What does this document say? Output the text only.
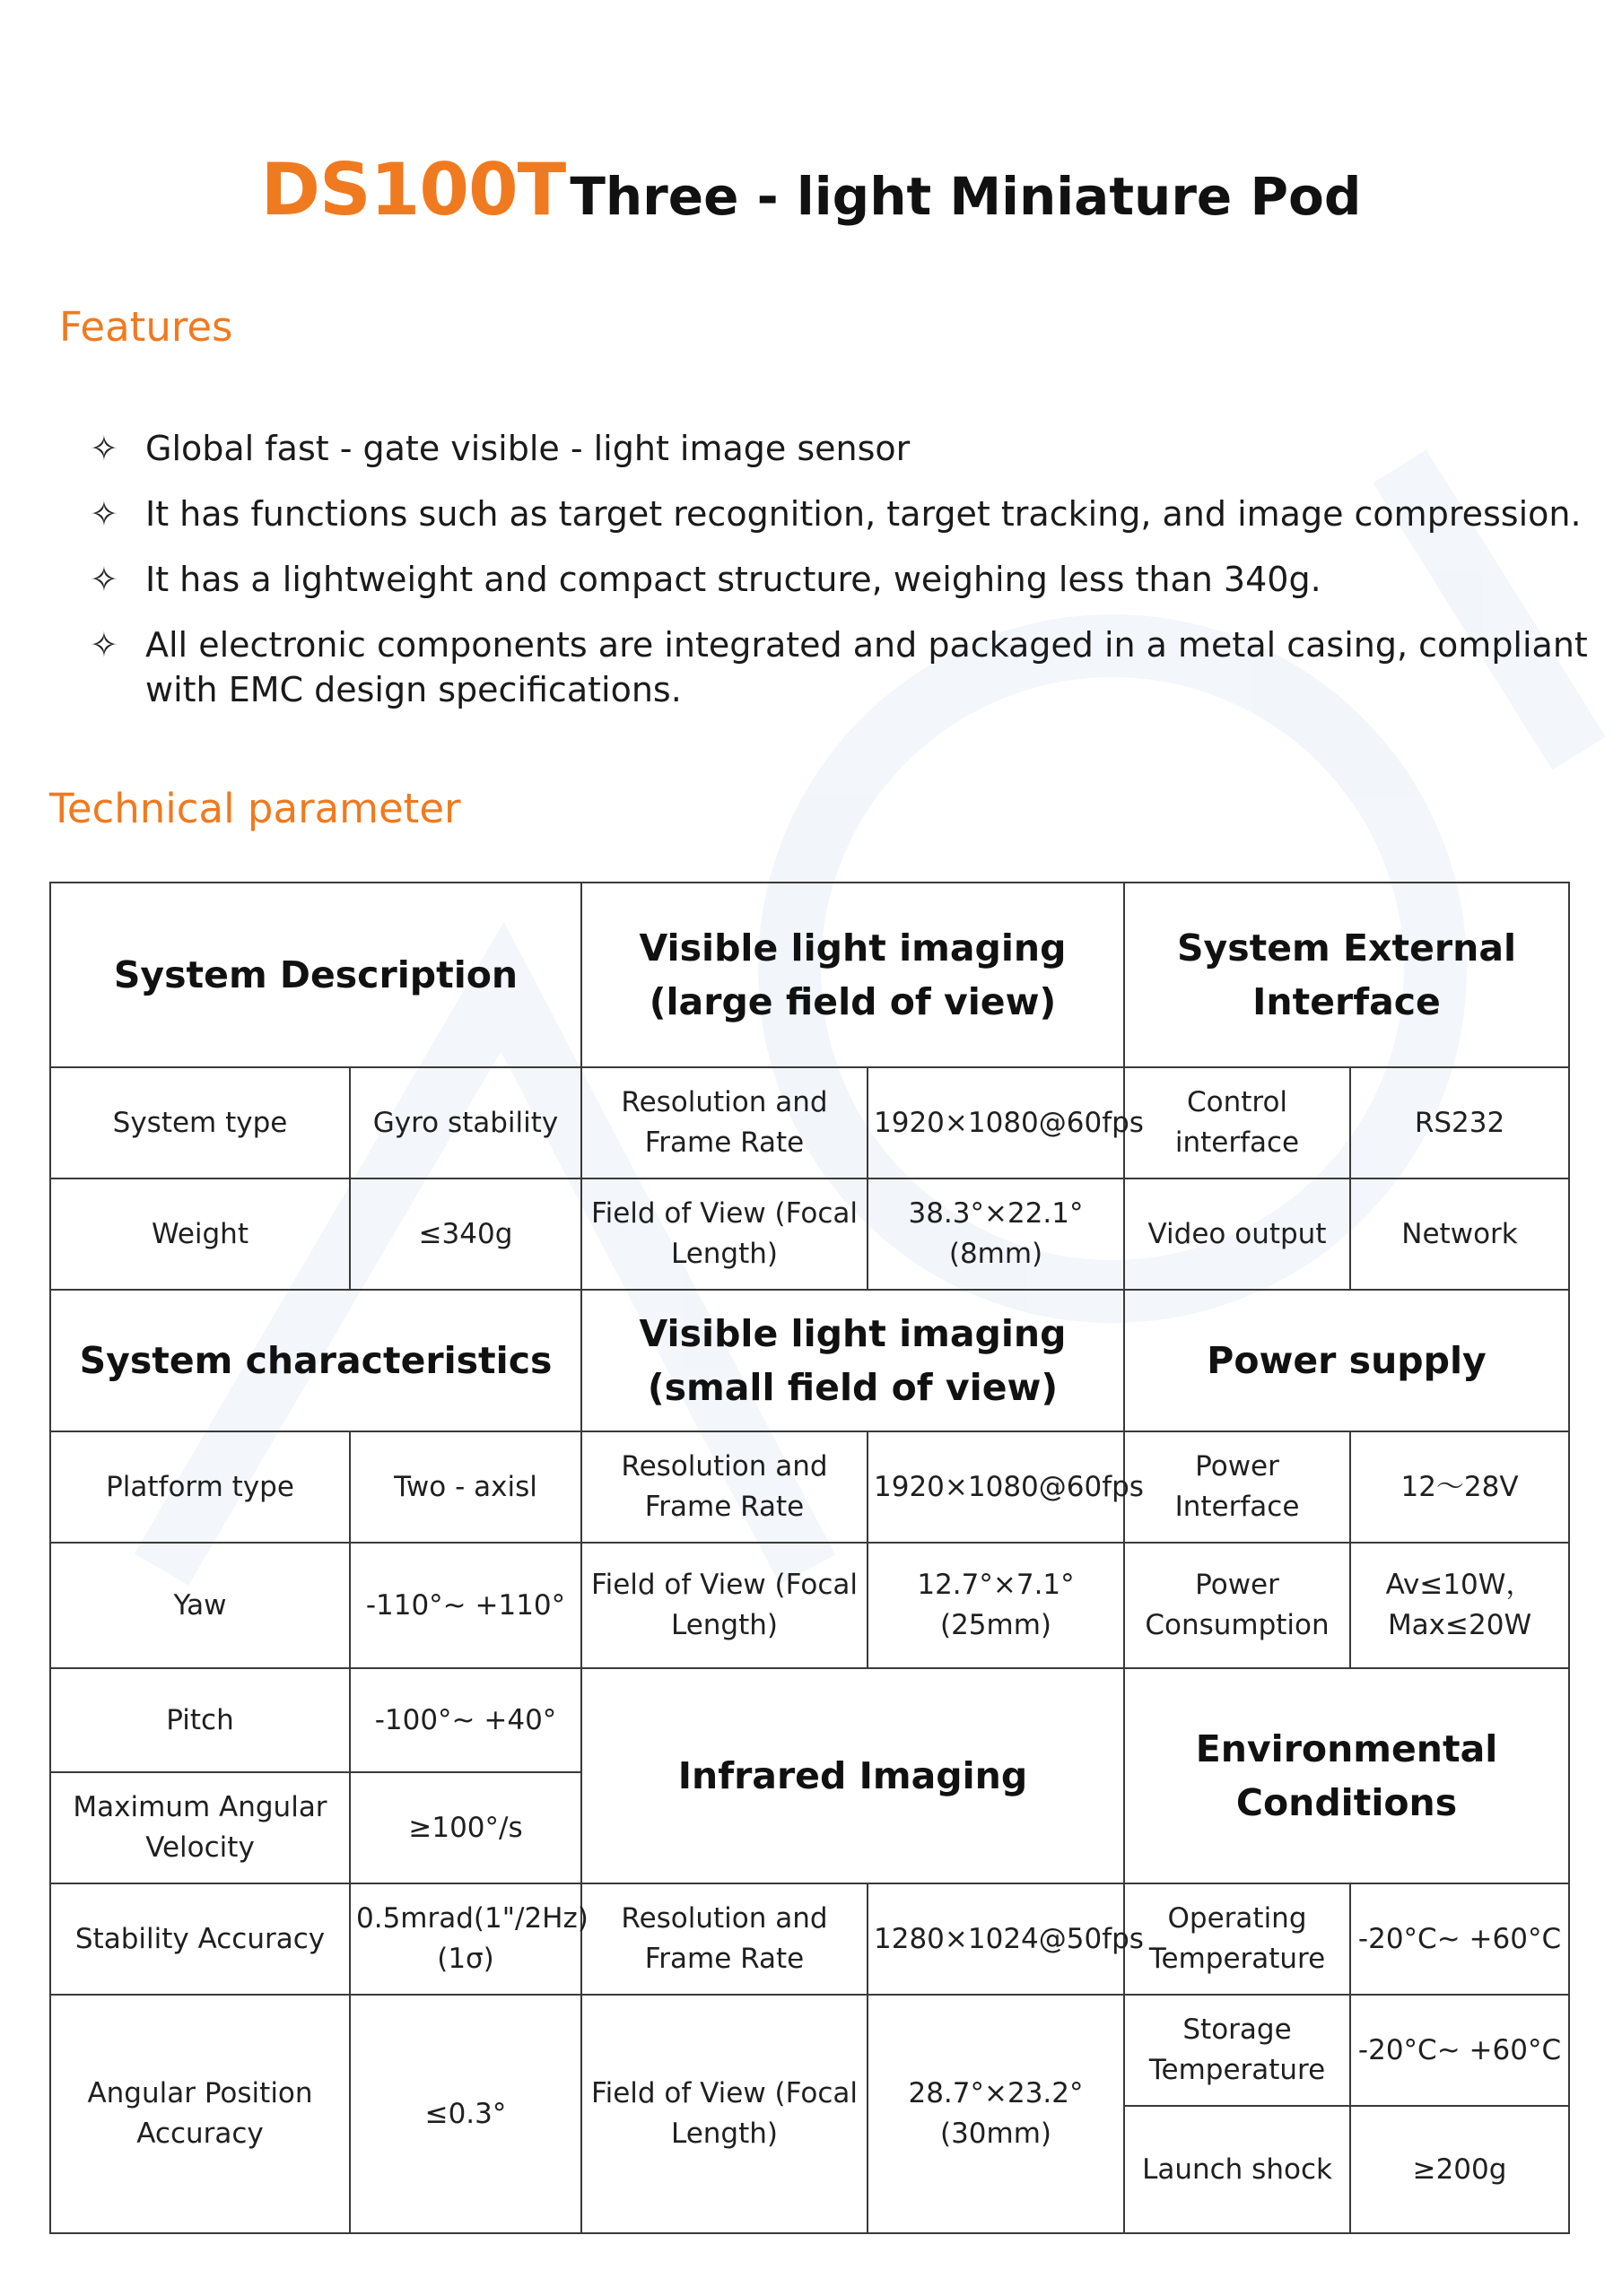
DS100T Three - light Miniature Pod
Features
✧ Global fast - gate visible - light image sensor
✧ It has functions such as target recognition, target tracking, and image compression.
✧ It has a lightweight and compact structure, weighing less than 340g.
✧ All electronic components are integrated and packaged in a metal casing, compliant with EMC design specifications.
Technical parameter
System Description		Visible light imaging (large field of view)		System External Interface	
System type	Gyro stability	Resolution and Frame Rate	1920×1080@60fps	Control interface	RS232
Weight	≤340g	Field of View (Focal Length)	38.3°×22.1° (8mm)	Video output	Network
System characteristics		Visible light imaging (small field of view)		Power supply	
Platform type	Two - axisl	Resolution and Frame Rate	1920×1080@60fps	Power Interface	12～28V
Yaw	-110°~ +110°	Field of View (Focal Length)	12.7°×7.1° (25mm)	Power Consumption	Av≤10W， Max≤20W
Pitch	-100°~ +40°	Infrared Imaging		Environmental Conditions	
Maximum Angular Velocity	≥100°/s				
Stability Accuracy	0.5mrad(1"/2Hz)(1σ)	Resolution and Frame Rate	1280×1024@50fps	Operating Temperature	-20°C~ +60°C
Angular Position Accuracy	≤0.3°	Field of View (Focal Length)	28.7°×23.2° (30mm)	Storage Temperature	-20°C~ +60°C
				Launch shock	≥200g
